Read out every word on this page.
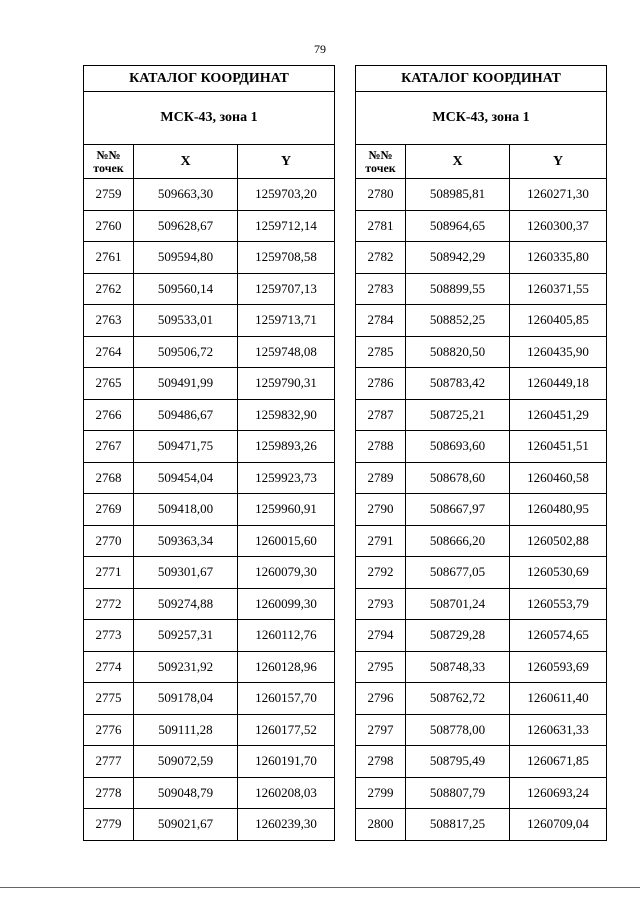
79
КАТАЛОГ КООРДИНАТ		
МСК-43, зона 1		
№№
точек	X	Y
2759	509663,30	1259703,20
2760	509628,67	1259712,14
2761	509594,80	1259708,58
2762	509560,14	1259707,13
2763	509533,01	1259713,71
2764	509506,72	1259748,08
2765	509491,99	1259790,31
2766	509486,67	1259832,90
2767	509471,75	1259893,26
2768	509454,04	1259923,73
2769	509418,00	1259960,91
2770	509363,34	1260015,60
2771	509301,67	1260079,30
2772	509274,88	1260099,30
2773	509257,31	1260112,76
2774	509231,92	1260128,96
2775	509178,04	1260157,70
2776	509111,28	1260177,52
2777	509072,59	1260191,70
2778	509048,79	1260208,03
2779	509021,67	1260239,30
КАТАЛОГ КООРДИНАТ		
МСК-43, зона 1		
№№
точек	X	Y
2780	508985,81	1260271,30
2781	508964,65	1260300,37
2782	508942,29	1260335,80
2783	508899,55	1260371,55
2784	508852,25	1260405,85
2785	508820,50	1260435,90
2786	508783,42	1260449,18
2787	508725,21	1260451,29
2788	508693,60	1260451,51
2789	508678,60	1260460,58
2790	508667,97	1260480,95
2791	508666,20	1260502,88
2792	508677,05	1260530,69
2793	508701,24	1260553,79
2794	508729,28	1260574,65
2795	508748,33	1260593,69
2796	508762,72	1260611,40
2797	508778,00	1260631,33
2798	508795,49	1260671,85
2799	508807,79	1260693,24
2800	508817,25	1260709,04
